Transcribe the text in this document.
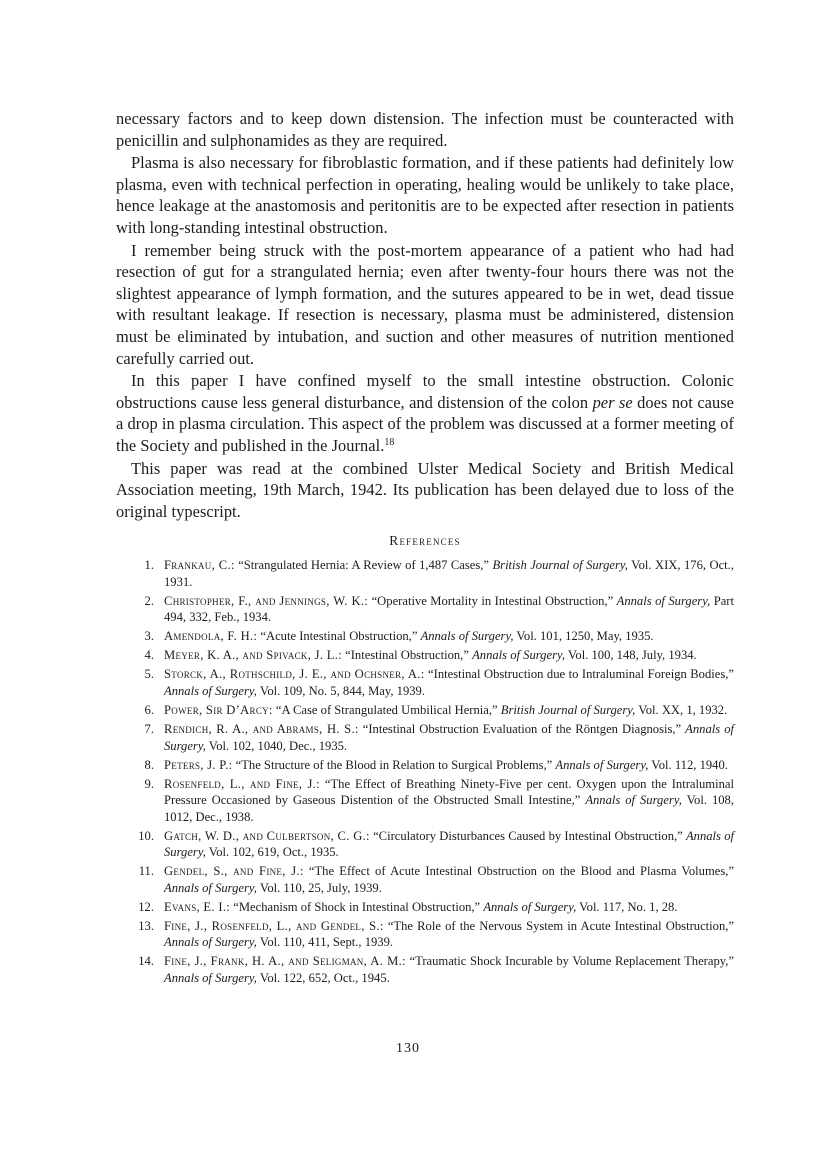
necessary factors and to keep down distension. The infection must be counteracted with penicillin and sulphonamides as they are required.

Plasma is also necessary for fibroblastic formation, and if these patients had definitely low plasma, even with technical perfection in operating, healing would be unlikely to take place, hence leakage at the anastomosis and peritonitis are to be expected after resection in patients with long-standing intestinal obstruction.

I remember being struck with the post-mortem appearance of a patient who had had resection of gut for a strangulated hernia; even after twenty-four hours there was not the slightest appearance of lymph formation, and the sutures appeared to be in wet, dead tissue with resultant leakage. If resection is necessary, plasma must be administered, distension must be eliminated by intubation, and suction and other measures of nutrition mentioned carefully carried out.

In this paper I have confined myself to the small intestine obstruction. Colonic obstructions cause less general disturbance, and distension of the colon per se does not cause a drop in plasma circulation. This aspect of the problem was discussed at a former meeting of the Society and published in the Journal.$^{18}$

This paper was read at the combined Ulster Medical Society and British Medical Association meeting, 19th March, 1942. Its publication has been delayed due to loss of the original typescript.

References
1. Frankau, C.: “Strangulated Hernia: A Review of 1,487 Cases,” British Journal of Surgery, Vol. XIX, 176, Oct., 1931.
2. Christopher, F., and Jennings, W. K.: “Operative Mortality in Intestinal Obstruction,” Annals of Surgery, Part 494, 332, Feb., 1934.
3. Amendola, F. H.: “Acute Intestinal Obstruction,” Annals of Surgery, Vol. 101, 1250, May, 1935.
4. Meyer, K. A., and Spivack, J. L.: “Intestinal Obstruction,” Annals of Surgery, Vol. 100, 148, July, 1934.
5. Storck, A., Rothschild, J. E., and Ochsner, A.: “Intestinal Obstruction due to Intraluminal Foreign Bodies,” Annals of Surgery, Vol. 109, No. 5, 844, May, 1939.
6. Power, Sir D’Arcy: “A Case of Strangulated Umbilical Hernia,” British Journal of Surgery, Vol. XX, 1, 1932.
7. Rendich, R. A., and Abrams, H. S.: “Intestinal Obstruction Evaluation of the Röntgen Diagnosis,” Annals of Surgery, Vol. 102, 1040, Dec., 1935.
8. Peters, J. P.: “The Structure of the Blood in Relation to Surgical Problems,” Annals of Surgery, Vol. 112, 1940.
9. Rosenfeld, L., and Fine, J.: “The Effect of Breathing Ninety-Five per cent. Oxygen upon the Intraluminal Pressure Occasioned by Gaseous Distention of the Obstructed Small Intestine,” Annals of Surgery, Vol. 108, 1012, Dec., 1938.
10. Gatch, W. D., and Culbertson, C. G.: “Circulatory Disturbances Caused by Intestinal Obstruction,” Annals of Surgery, Vol. 102, 619, Oct., 1935.
11. Gendel, S., and Fine, J.: “The Effect of Acute Intestinal Obstruction on the Blood and Plasma Volumes,” Annals of Surgery, Vol. 110, 25, July, 1939.
12. Evans, E. I.: “Mechanism of Shock in Intestinal Obstruction,” Annals of Surgery, Vol. 117, No. 1, 28.
13. Fine, J., Rosenfeld, L., and Gendel, S.: “The Role of the Nervous System in Acute Intestinal Obstruction,” Annals of Surgery, Vol. 110, 411, Sept., 1939.
14. Fine, J., Frank, H. A., and Seligman, A. M.: “Traumatic Shock Incurable by Volume Replacement Therapy,” Annals of Surgery, Vol. 122, 652, Oct., 1945.
130
